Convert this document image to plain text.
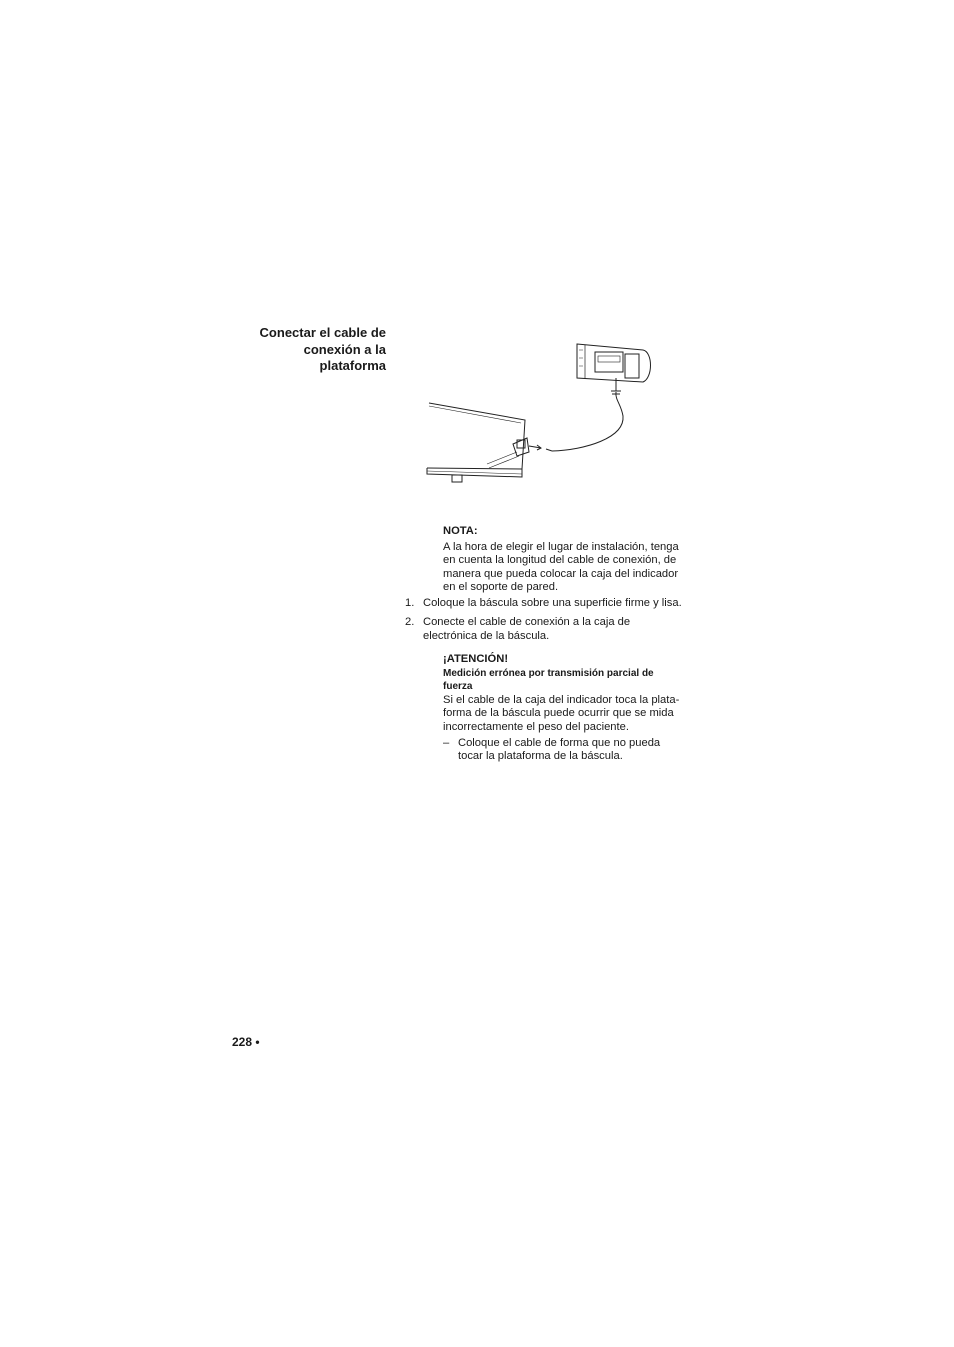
Conectar el cable de
conexión a la
plataforma
NOTA:
A la hora de elegir el lugar de instalación, tenga
en cuenta la longitud del cable de conexión, de
manera que pueda colocar la caja del indicador
en el soporte de pared.
1. Coloque la báscula sobre una superficie firme y lisa.
2. Conecte el cable de conexión a la caja de
electrónica de la báscula.
¡ATENCIÓN!
Medición errónea por transmisión parcial de
fuerza
Si el cable de la caja del indicador toca la plata-
forma de la báscula puede ocurrir que se mida
incorrectamente el peso del paciente.
– Coloque el cable de forma que no pueda
tocar la plataforma de la báscula.
228 •
